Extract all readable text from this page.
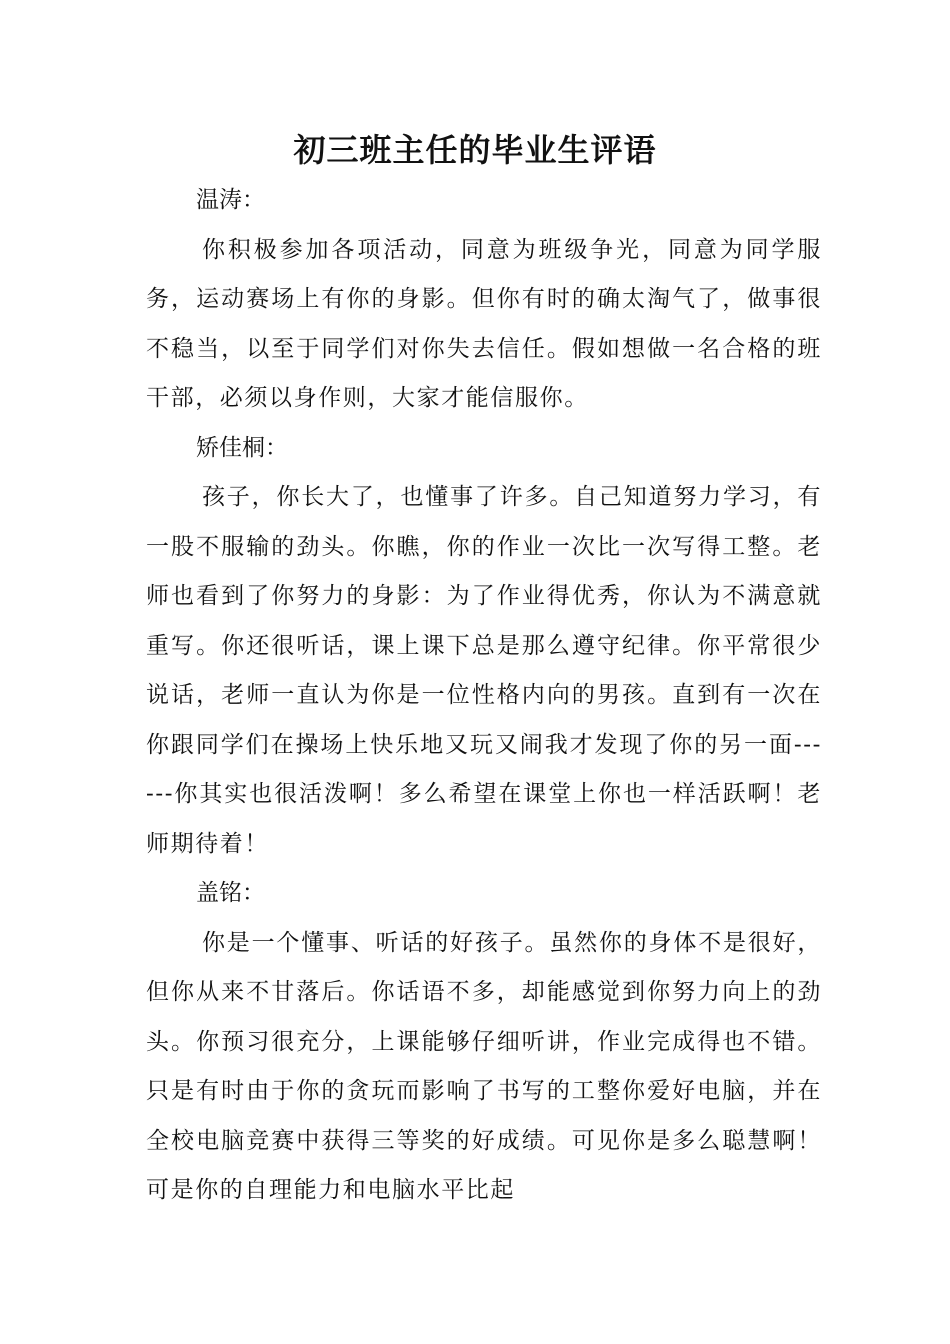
初三班主任的毕业生评语

温涛：

你积极参加各项活动，同意为班级争光，同意为同学服务，运动赛场上有你的身影。但你有时的确太淘气了，做事很不稳当，以至于同学们对你失去信任。假如想做一名合格的班干部，必须以身作则，大家才能信服你。

矫佳桐：

孩子，你长大了，也懂事了许多。自己知道努力学习，有一股不服输的劲头。你瞧，你的作业一次比一次写得工整。老师也看到了你努力的身影：为了作业得优秀，你认为不满意就重写。你还很听话，课上课下总是那么遵守纪律。你平常很少说话，老师一直认为你是一位性格内向的男孩。直到有一次在你跟同学们在操场上快乐地又玩又闹我才发现了你的另一面------你其实也很活泼啊！多么希望在课堂上你也一样活跃啊！老师期待着！

盖铭：

你是一个懂事、听话的好孩子。虽然你的身体不是很好，但你从来不甘落后。你话语不多，却能感觉到你努力向上的劲头。你预习很充分，上课能够仔细听讲，作业完成得也不错。只是有时由于你的贪玩而影响了书写的工整你爱好电脑，并在全校电脑竞赛中获得三等奖的好成绩。可见你是多么聪慧啊！可是你的自理能力和电脑水平比起
